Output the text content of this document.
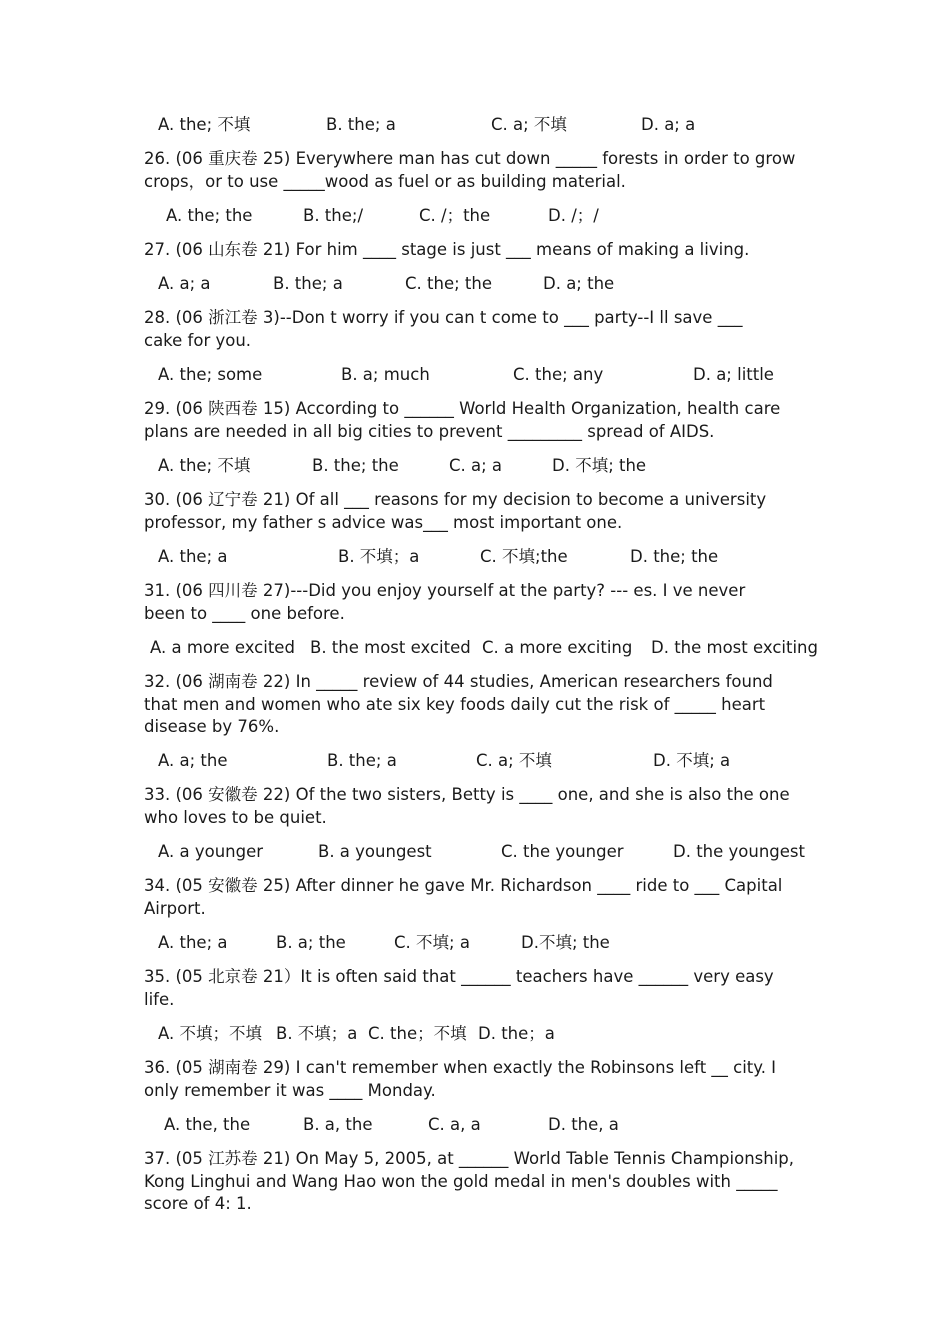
A. the; 不填	B. the; a	C. a; 不填	D. a; a
26. (06 重庆卷 25) Everywhere man has cut down _____ forests in order to grow
crops，or to use _____wood as fuel or as building material.
A. the; the	B. the;/	C. /；the	D. /；/
27. (06 山东卷 21) For him ____ stage is just ___ means of making a living.
A. a; a	B. the; a	C. the; the	D. a; the
28. (06 浙江卷 3)--Don t worry if you can t come to ___ party--I ll save ___
cake for you.
A. the; some	B. a; much	C. the; any	D. a; little
29. (06 陕西卷 15) According to ______ World Health Organization, health care
plans are needed in all big cities to prevent _________ spread of AIDS.
A. the; 不填	B. the; the	C. a; a	D. 不填; the
30. (06 辽宁卷 21) Of all ___ reasons for my decision to become a university
professor, my father s advice was___ most important one.
A. the; a	B. 不填；a	C. 不填;the	D. the; the
31. (06 四川卷 27)---Did you enjoy yourself at the party? --- es. I ve never
been to ____ one before.
A. a more excited B. the most excited C. a more exciting D. the most exciting
32. (06 湖南卷 22) In _____ review of 44 studies, American researchers found
that men and women who ate six key foods daily cut the risk of _____ heart
disease by 76%.
A. a; the	B. the; a	C. a; 不填	D. 不填; a
33. (06 安徽卷 22) Of the two sisters, Betty is ____ one, and she is also the one
who loves to be quiet.
A. a younger	B. a youngest	C. the younger	D. the youngest
34. (05 安徽卷 25) After dinner he gave Mr. Richardson ____ ride to ___ Capital
Airport.
A. the; a	B. a; the	C. 不填; a	D.不填; the
35. (05 北京卷 21）It is often said that ______ teachers have ______ very easy
life.
A. 不填；不填 B. 不填；a C. the；不填 D. the；a
36. (05 湖南卷 29) I can't remember when exactly the Robinsons left __ city. I
only remember it was ____ Monday.
A. the, the	B. a, the	C. a, a	D. the, a
37. (05 江苏卷 21) On May 5, 2005, at ______ World Table Tennis Championship,
Kong Linghui and Wang Hao won the gold medal in men's doubles with _____
score of 4: 1.
